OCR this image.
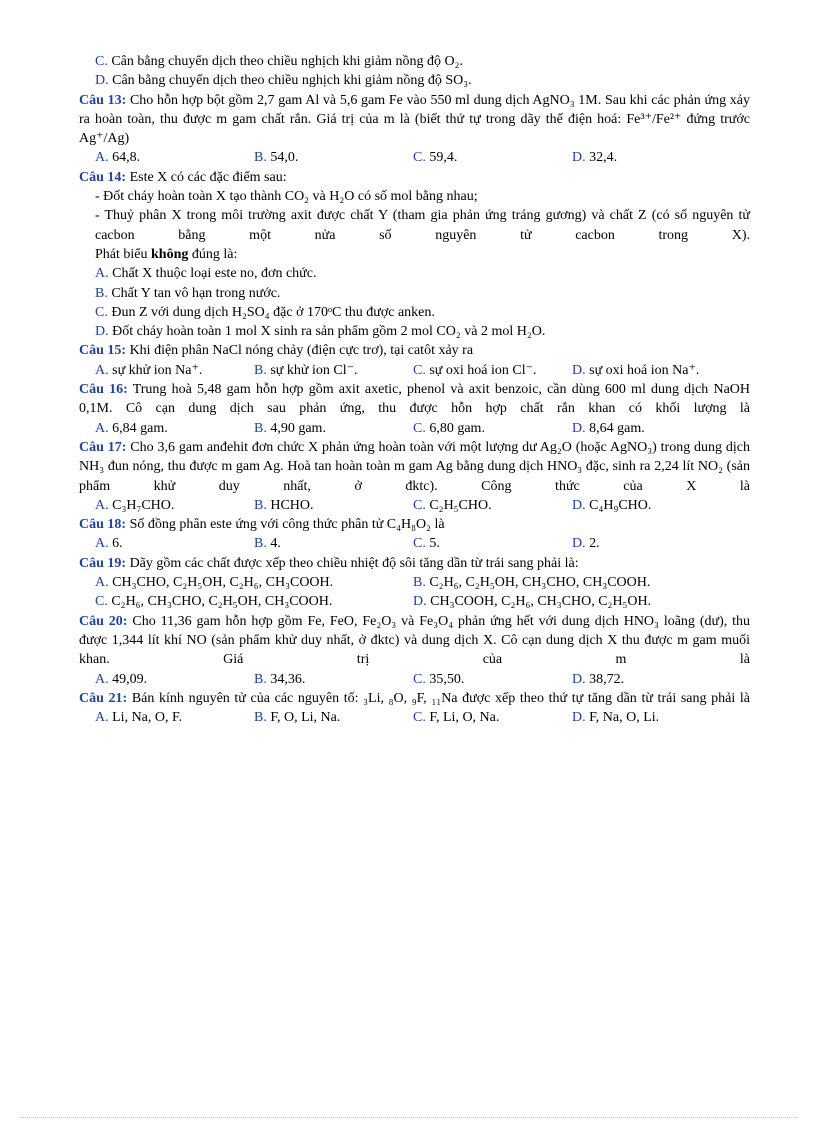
C. Cân bằng chuyển dịch theo chiều nghịch khi giảm nồng độ O₂.
D. Cân bằng chuyển dịch theo chiều nghịch khi giảm nồng độ SO₃.
Câu 13: Cho hỗn hợp bột gồm 2,7 gam Al và 5,6 gam Fe vào 550 ml dung dịch AgNO₃ 1M. Sau khi các phản ứng xảy ra hoàn toàn, thu được m gam chất rắn. Giá trị của m là (biết thứ tự trong dãy thế điện hoá: Fe³⁺/Fe²⁺ đứng trước Ag⁺/Ag)
A. 64,8.	B. 54,0.	C. 59,4.	D. 32,4.
Câu 14: Este X có các đặc điểm sau:
- Đốt cháy hoàn toàn X tạo thành CO₂ và H₂O có số mol bằng nhau;
- Thuỷ phân X trong môi trường axit được chất Y (tham gia phản ứng tráng gương) và chất Z (có số nguyên tử cacbon bằng một nửa số nguyên tử cacbon trong X).
Phát biểu không đúng là:
A. Chất X thuộc loại este no, đơn chức.
B. Chất Y tan vô hạn trong nước.
C. Đun Z với dung dịch H₂SO₄ đặc ở 170ᵒC thu được anken.
D. Đốt cháy hoàn toàn 1 mol X sinh ra sản phẩm gồm 2 mol CO₂ và 2 mol H₂O.
Câu 15: Khi điện phân NaCl nóng chảy (điện cực trơ), tại catôt xảy ra
A. sự khử ion Na⁺.	B. sự khử ion Cl⁻.	C. sự oxi hoá ion Cl⁻.	D. sự oxi hoá ion Na⁺.
Câu 16: Trung hoà 5,48 gam hỗn hợp gồm axit axetic, phenol và axit benzoic, cần dùng 600 ml dung dịch NaOH 0,1M. Cô cạn dung dịch sau phản ứng, thu được hỗn hợp chất rắn khan có khối lượng là
A. 6,84 gam.	B. 4,90 gam.	C. 6,80 gam.	D. 8,64 gam.
Câu 17: Cho 3,6 gam anđehit đơn chức X phản ứng hoàn toàn với một lượng dư Ag₂O (hoặc AgNO₃) trong dung dịch NH₃ đun nóng, thu được m gam Ag. Hoà tan hoàn toàn m gam Ag bằng dung dịch HNO₃ đặc, sinh ra 2,24 lít NO₂ (sản phẩm khử duy nhất, ở đktc). Công thức của X là
A. C₃H₇CHO.	B. HCHO.	C. C₂H₅CHO.	D. C₄H₉CHO.
Câu 18: Số đồng phân este ứng với công thức phân tử C₄H₈O₂ là
A. 6.	B. 4.	C. 5.	D. 2.
Câu 19: Dãy gồm các chất được xếp theo chiều nhiệt độ sôi tăng dần từ trái sang phải là:
A. CH₃CHO, C₂H₅OH, C₂H₆, CH₃COOH.	B. C₂H₆, C₂H₅OH, CH₃CHO, CH₃COOH.
C. C₂H₆, CH₃CHO, C₂H₅OH, CH₃COOH.	D. CH₃COOH, C₂H₆, CH₃CHO, C₂H₅OH.
Câu 20: Cho 11,36 gam hỗn hợp gồm Fe, FeO, Fe₂O₃ và Fe₃O₄ phản ứng hết với dung dịch HNO₃ loãng (dư), thu được 1,344 lít khí NO (sản phẩm khử duy nhất, ở đktc) và dung dịch X. Cô cạn dung dịch X thu được m gam muối khan. Giá trị của m là
A. 49,09.	B. 34,36.	C. 35,50.	D. 38,72.
Câu 21: Bán kính nguyên tử của các nguyên tố: ₃Li, ₈O, ₉F, ₁₁Na được xếp theo thứ tự tăng dần từ trái sang phải là
A. Li, Na, O, F.	B. F, O, Li, Na.	C. F, Li, O, Na.	D. F, Na, O, Li.
